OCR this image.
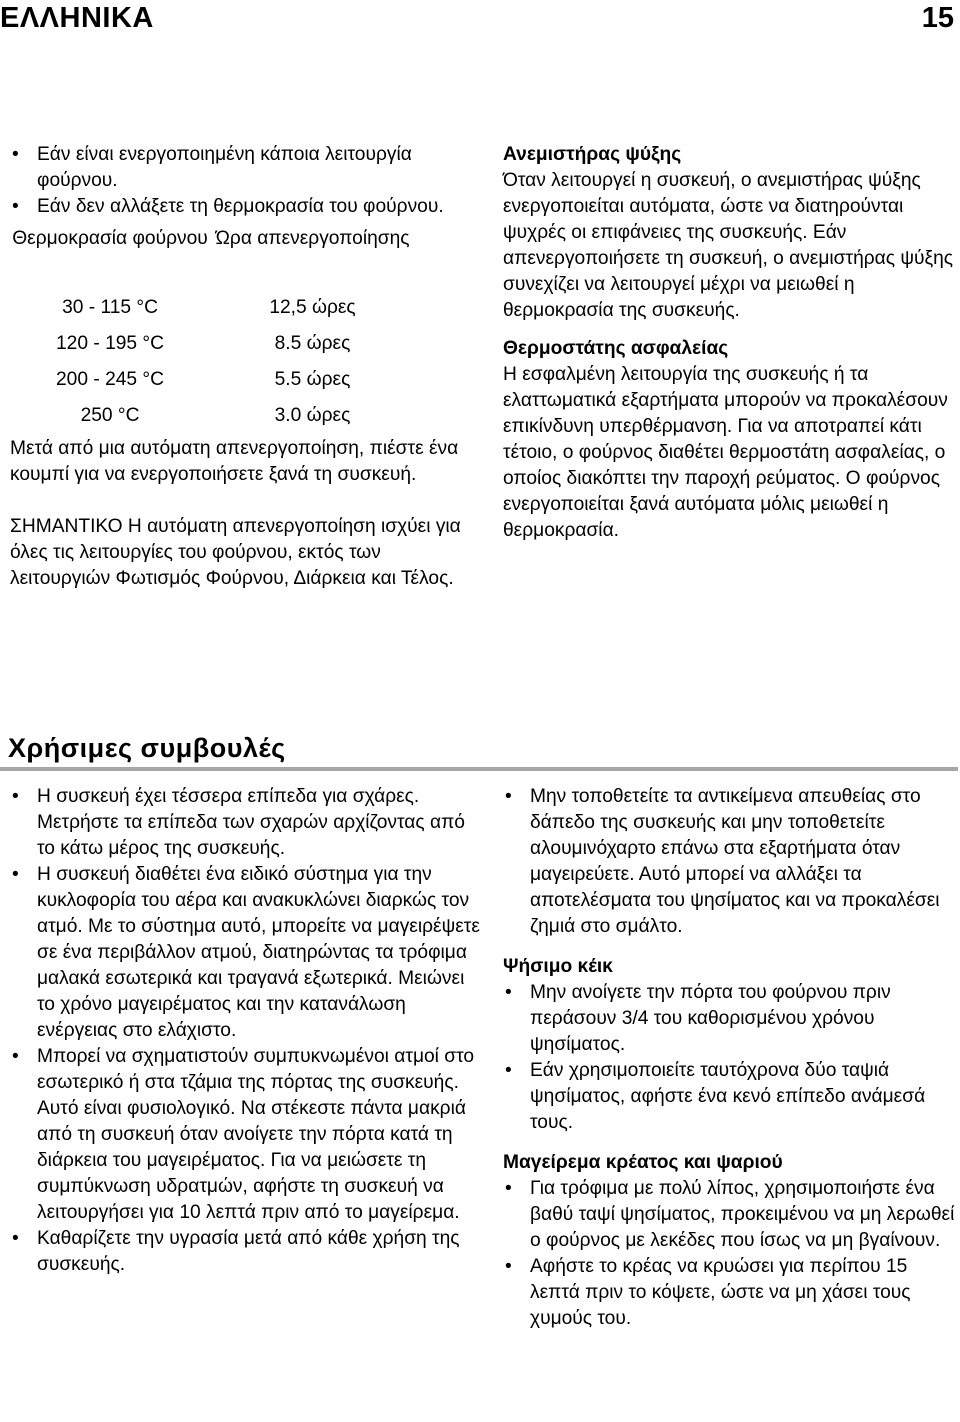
ΕΛΛΗΝΙΚΑ	15
• Εάν είναι ενεργοποιημένη κάποια λειτουργία φούρνου.
• Εάν δεν αλλάξετε τη θερμοκρασία του φούρνου.
Θερμοκρασία φούρνου	Ώρα απενεργοποίησης
30 - 115 °C	12,5 ώρες
120 - 195 °C	8.5 ώρες
200 - 245 °C	5.5 ώρες
250 °C	3.0 ώρες

Μετά από μια αυτόματη απενεργοποίηση, πιέστε ένα κουμπί για να ενεργοποιήσετε ξανά τη συσκευή.

ΣΗΜΑΝΤΙΚΟ Η αυτόματη απενεργοποίηση ισχύει για όλες τις λειτουργίες του φούρνου, εκτός των λειτουργιών Φωτισμός Φούρνου, Διάρκεια και Τέλος.

Ανεμιστήρας ψύξης

Όταν λειτουργεί η συσκευή, ο ανεμιστήρας ψύξης ενεργοποιείται αυτόματα, ώστε να διατηρούνται ψυχρές οι επιφάνειες της συσκευής. Εάν απενεργοποιήσετε τη συσκευή, ο ανεμιστήρας ψύξης συνεχίζει να λειτουργεί μέχρι να μειωθεί η θερμοκρασία της συσκευής.

Θερμοστάτης ασφαλείας

Η εσφαλμένη λειτουργία της συσκευής ή τα ελαττωματικά εξαρτήματα μπορούν να προκαλέσουν επικίνδυνη υπερθέρμανση. Για να αποτραπεί κάτι τέτοιο, ο φούρνος διαθέτει θερμοστάτη ασφαλείας, ο οποίος διακόπτει την παροχή ρεύματος. Ο φούρνος ενεργοποιείται ξανά αυτόματα μόλις μειωθεί η θερμοκρασία.

Χρήσιμες συμβουλές
• Η συσκευή έχει τέσσερα επίπεδα για σχάρες. Μετρήστε τα επίπεδα των σχαρών αρχίζοντας από το κάτω μέρος της συσκευής.
• Η συσκευή διαθέτει ένα ειδικό σύστημα για την κυκλοφορία του αέρα και ανακυκλώνει διαρκώς τον ατμό. Με το σύστημα αυτό, μπορείτε να μαγειρέψετε σε ένα περιβάλλον ατμού, διατηρώντας τα τρόφιμα μαλακά εσωτερικά και τραγανά εξωτερικά. Μειώνει το χρόνο μαγειρέματος και την κατανάλωση ενέργειας στο ελάχιστο.
• Μπορεί να σχηματιστούν συμπυκνωμένοι ατμοί στο εσωτερικό ή στα τζάμια της πόρτας της συσκευής. Αυτό είναι φυσιολογικό. Να στέκεστε πάντα μακριά από τη συσκευή όταν ανοίγετε την πόρτα κατά τη διάρκεια του μαγειρέματος. Για να μειώσετε τη συμπύκνωση υδρατμών, αφήστε τη συσκευή να λειτουργήσει για 10 λεπτά πριν από το μαγείρεμα.
• Καθαρίζετε την υγρασία μετά από κάθε χρήση της συσκευής.
• Μην τοποθετείτε τα αντικείμενα απευθείας στο δάπεδο της συσκευής και μην τοποθετείτε αλουμινόχαρτο επάνω στα εξαρτήματα όταν μαγειρεύετε. Αυτό μπορεί να αλλάξει τα αποτελέσματα του ψησίματος και να προκαλέσει ζημιά στο σμάλτο.

Ψήσιμο κέικ

• Μην ανοίγετε την πόρτα του φούρνου πριν περάσουν 3/4 του καθορισμένου χρόνου ψησίματος.
• Εάν χρησιμοποιείτε ταυτόχρονα δύο ταψιά ψησίματος, αφήστε ένα κενό επίπεδο ανάμεσά τους.

Μαγείρεμα κρέατος και ψαριού

• Για τρόφιμα με πολύ λίπος, χρησιμοποιήστε ένα βαθύ ταψί ψησίματος, προκειμένου να μη λερωθεί ο φούρνος με λεκέδες που ίσως να μη βγαίνουν.
• Αφήστε το κρέας να κρυώσει για περίπου 15 λεπτά πριν το κόψετε, ώστε να μη χάσει τους χυμούς του.
